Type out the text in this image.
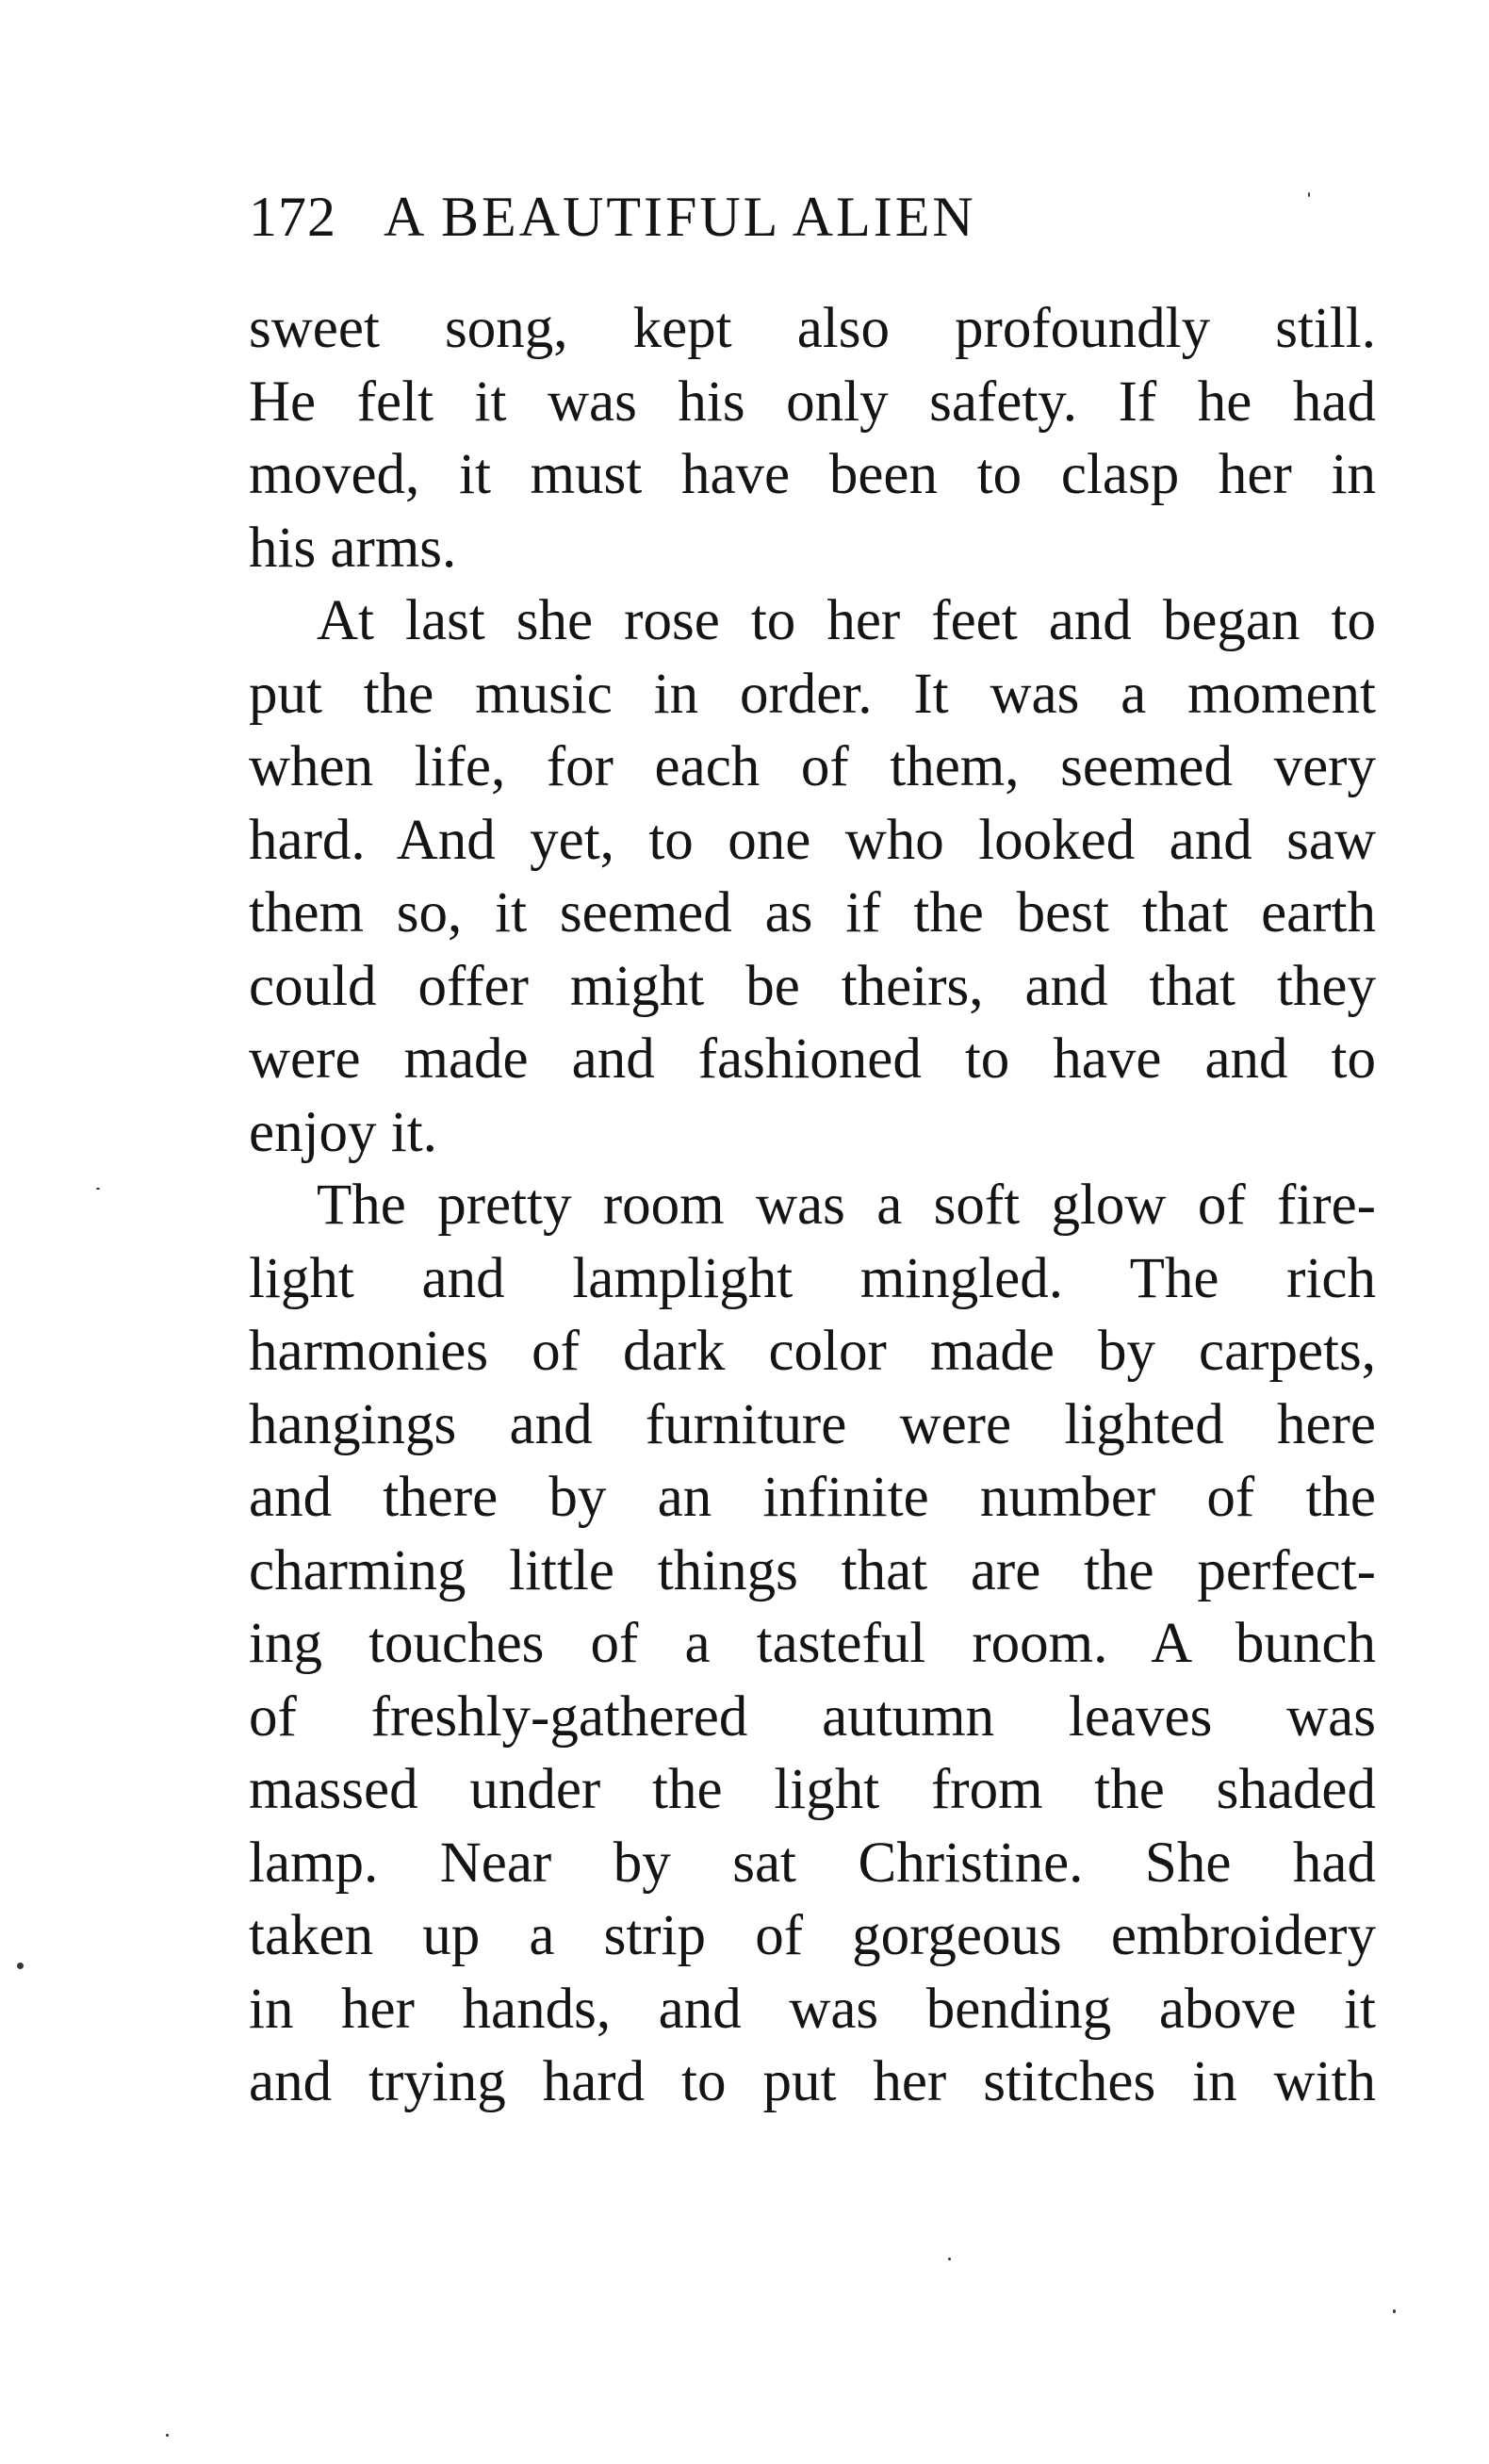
172 A BEAUTIFUL ALIEN
sweet song, kept also profoundly still.
He felt it was his only safety. If he had
moved, it must have been to clasp her in
his arms.
At last she rose to her feet and began to
put the music in order. It was a moment
when life, for each of them, seemed very
hard. And yet, to one who looked and saw
them so, it seemed as if the best that earth
could offer might be theirs, and that they
were made and fashioned to have and to
enjoy it.
The pretty room was a soft glow of fire-
light and lamplight mingled. The rich
harmonies of dark color made by carpets,
hangings and furniture were lighted here
and there by an infinite number of the
charming little things that are the perfect-
ing touches of a tasteful room. A bunch
of freshly-gathered autumn leaves was
massed under the light from the shaded
lamp. Near by sat Christine. She had
taken up a strip of gorgeous embroidery
in her hands, and was bending above it
and trying hard to put her stitches in with
